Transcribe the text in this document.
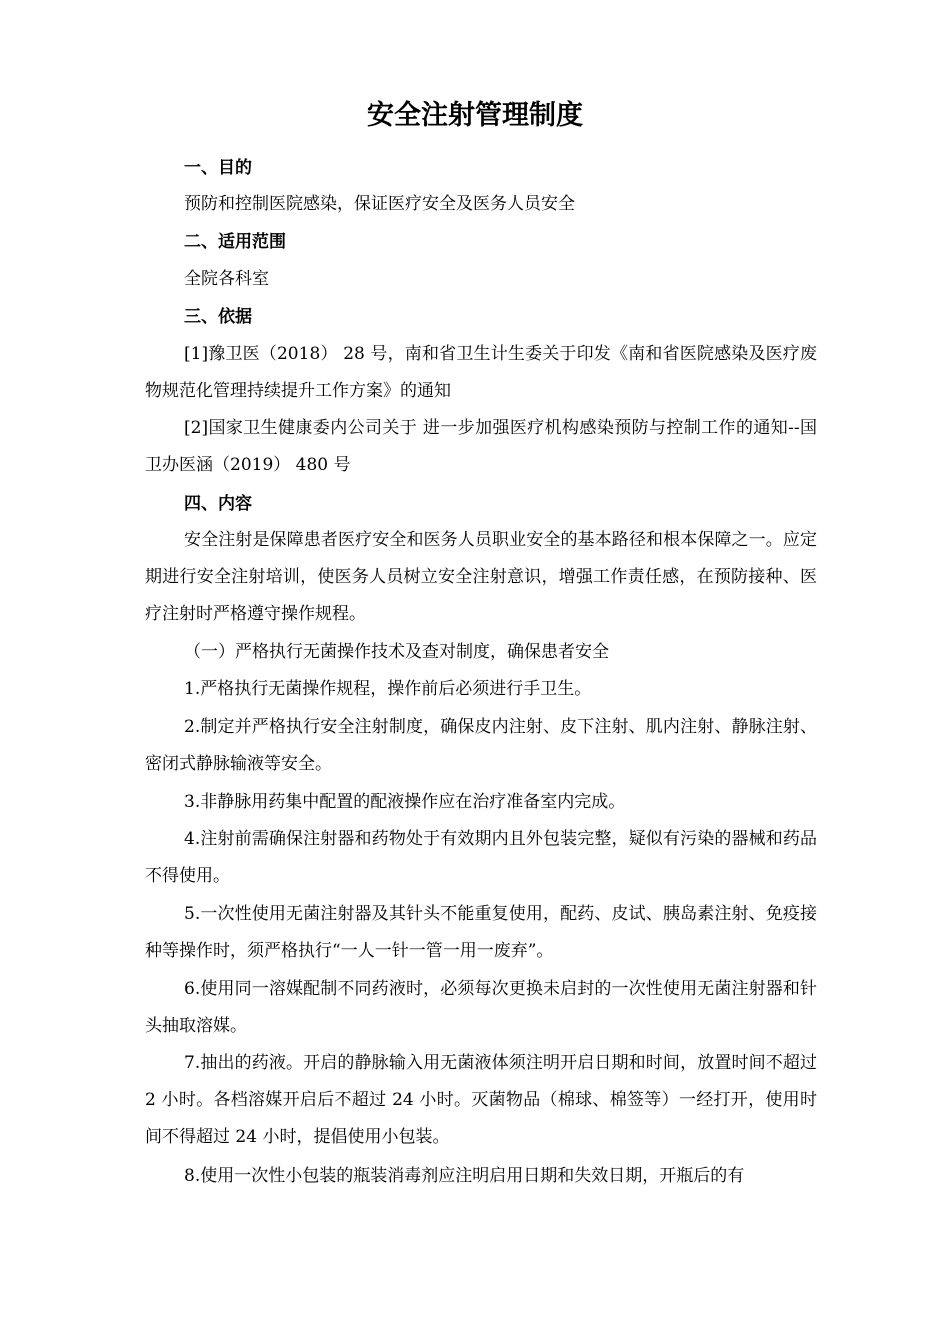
安全注射管理制度
一、目的

预防和控制医院感染，保证医疗安全及医务人员安全

二、适用范围

全院各科室

三、依据

[1]豫卫医（2018） 28 号，南和省卫生计生委关于印发《南和省医院感染及医疗废物规范化管理持续提升工作方案》的通知

[2]国家卫生健康委内公司关于 进一步加强医疗机构感染预防与控制工作的通知--国卫办医涵（2019） 480 号

四、内容

安全注射是保障患者医疗安全和医务人员职业安全的基本路径和根本保障之一。应定期进行安全注射培训，使医务人员树立安全注射意识，增强工作责任感，在预防接种、医疗注射时严格遵守操作规程。

（一）严格执行无菌操作技术及查对制度，确保患者安全

1.严格执行无菌操作规程，操作前后必须进行手卫生。

2.制定并严格执行安全注射制度，确保皮内注射、皮下注射、肌内注射、静脉注射、密闭式静脉输液等安全。

3.非静脉用药集中配置的配液操作应在治疗准备室内完成。

4.注射前需确保注射器和药物处于有效期内且外包装完整，疑似有污染的器械和药品不得使用。

5.一次性使用无菌注射器及其针头不能重复使用，配药、皮试、胰岛素注射、免疫接种等操作时，须严格执行“一人一针一管一用一废弃”。

6.使用同一溶媒配制不同药液时，必须每次更换未启封的一次性使用无菌注射器和针头抽取溶媒。

7.抽出的药液。开启的静脉输入用无菌液体须注明开启日期和时间，放置时间不超过 2 小时。各档溶媒开启后不超过 24 小时。灭菌物品（棉球、棉签等）一经打开，使用时间不得超过 24 小时，提倡使用小包装。

8.使用一次性小包装的瓶装消毒剂应注明启用日期和失效日期，开瓶后的有
